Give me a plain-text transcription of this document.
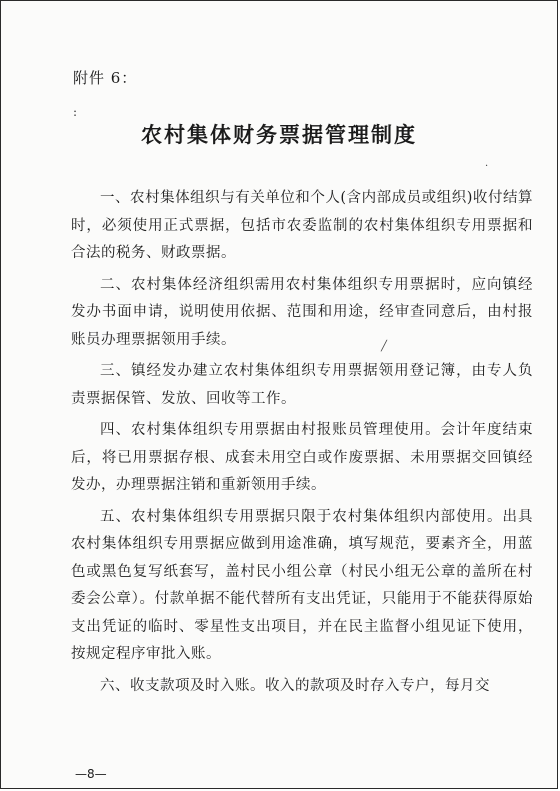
附件 6：
:
农村集体财务票据管理制度
·
╱

一、农村集体组织与有关单位和个人(含内部成员或组织)收付结算时，必须使用正式票据，包括市农委监制的农村集体组织专用票据和合法的税务、财政票据。

二、农村集体经济组织需用农村集体组织专用票据时，应向镇经发办书面申请，说明使用依据、范围和用途，经审查同意后，由村报账员办理票据领用手续。

三、镇经发办建立农村集体组织专用票据领用登记簿，由专人负责票据保管、发放、回收等工作。

四、农村集体组织专用票据由村报账员管理使用。会计年度结束后，将已用票据存根、成套未用空白或作废票据、未用票据交回镇经发办，办理票据注销和重新领用手续。

五、农村集体组织专用票据只限于农村集体组织内部使用。出具农村集体组织专用票据应做到用途准确，填写规范，要素齐全，用蓝色或黑色复写纸套写，盖村民小组公章（村民小组无公章的盖所在村委会公章）。付款单据不能代替所有支出凭证，只能用于不能获得原始支出凭证的临时、零星性支出项目，并在民主监督小组见证下使用，按规定程序审批入账。

六、收支款项及时入账。收入的款项及时存入专户，每月交

—8—
